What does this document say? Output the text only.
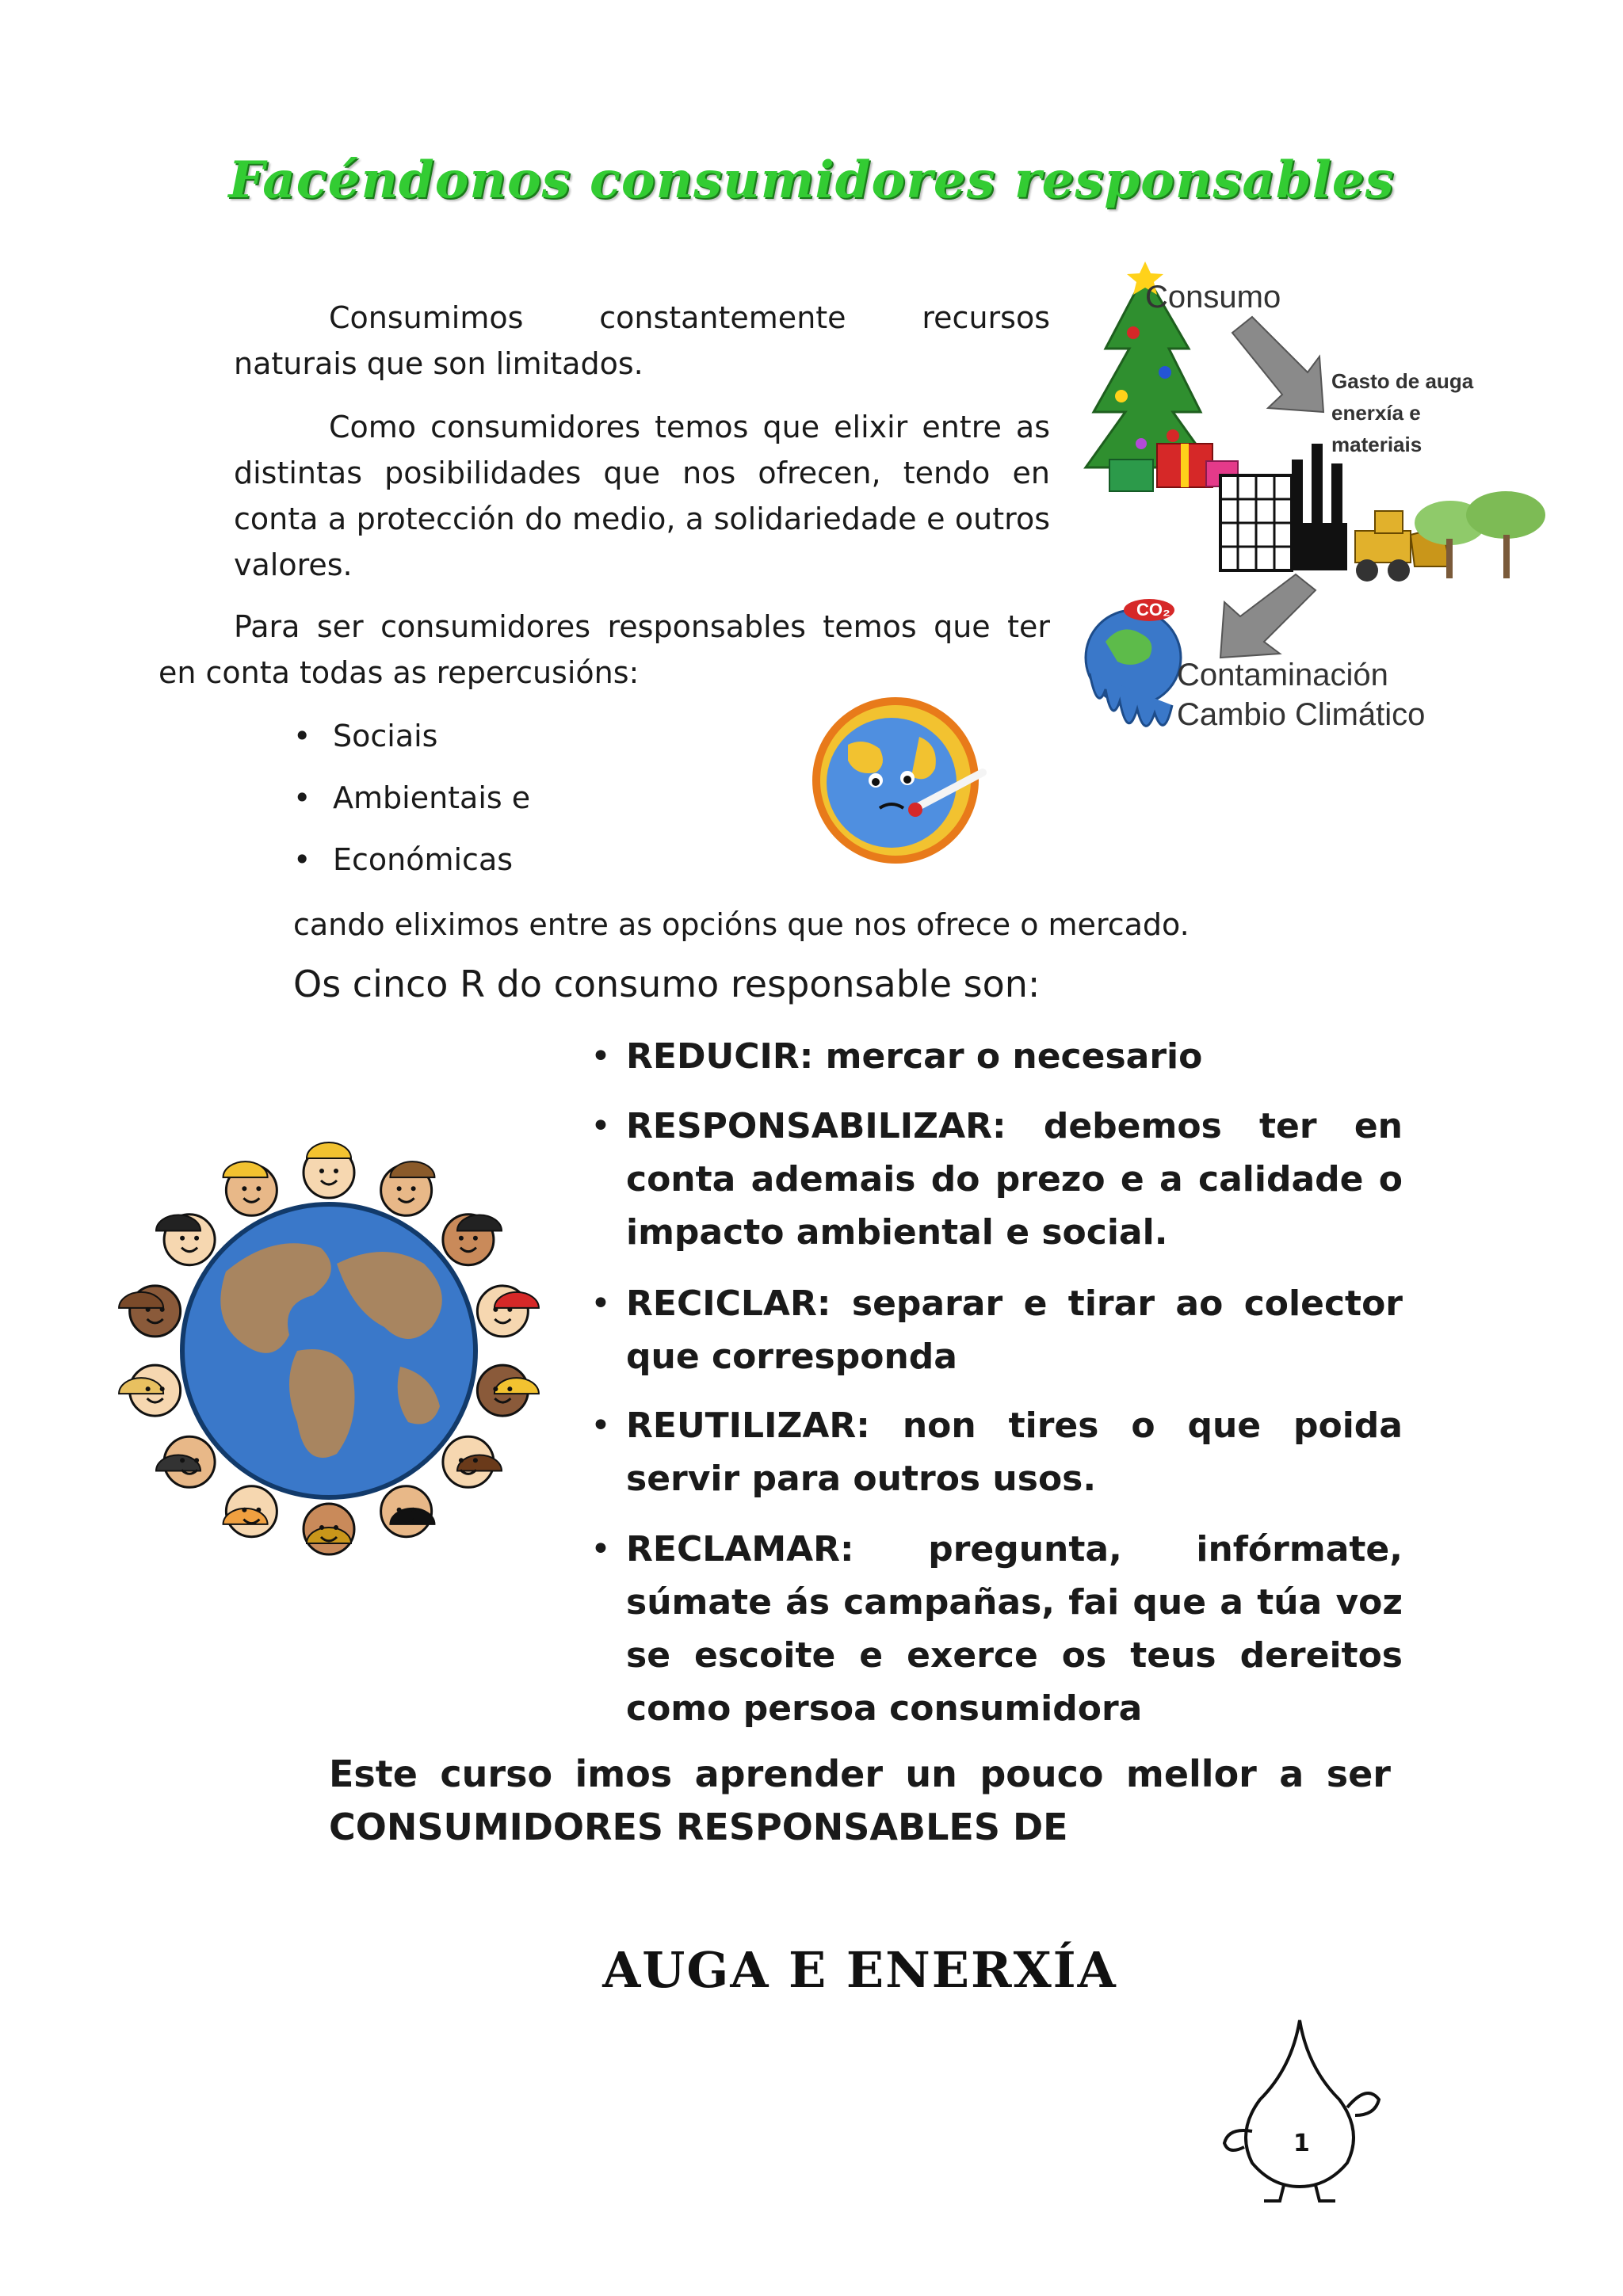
Facéndonos consumidores responsables
Consumimos constantemente recursos naturais que son limitados.
Como consumidores temos que elixir entre as distintas posibilidades que nos ofrecen, tendo en conta a protección do medio, a solidariedade e outros valores.
Para ser consumidores responsables temos que ter
en conta todas as repercusións:
• Sociais
• Ambientais e
• Económicas
cando eliximos entre as opcións que nos ofrece o mercado.
Os cinco R do consumo responsable son:
• REDUCIR: mercar o necesario
• RESPONSABILIZAR: debemos ter en conta ademais do prezo e a calidade o impacto ambiental e social.
• RECICLAR: separar e tirar ao colector que corresponda
• REUTILIZAR: non tires o que poida servir para outros usos.
• RECLAMAR: pregunta, infórmate, súmate ás campañas, fai que a túa voz se escoite e exerce os teus dereitos como persoa consumidora
Este curso imos aprender un pouco mellor a ser
CONSUMIDORES RESPONSABLES DE
AUGA E ENERXÍA
Consumo
Gasto de auga
enerxía e
materiais
CO₂
Contaminación
Cambio Climático
1
